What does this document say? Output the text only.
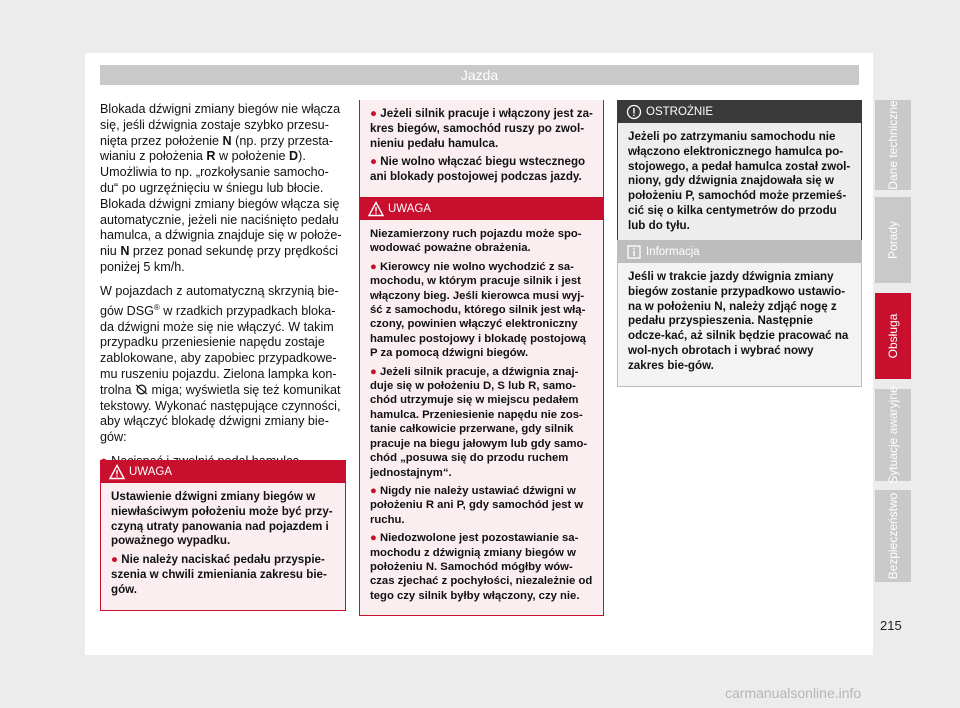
Jazda

Blokada dźwigni zmiany biegów nie włącza się, jeśli dźwignia zostaje szybko przesu-nięta przez położenie N (np. przy przesta-wianiu z położenia R w położenie D). Umożliwia to np. „rozkołysanie samocho-du“ po ugrzęźnięciu w śniegu lub błocie. Blokada dźwigni zmiany biegów włącza się automatycznie, jeżeli nie naciśnięto pedału hamulca, a dźwignia znajduje się w położe-niu N przez ponad sekundę przy prędkości poniżej 5 km/h.

W pojazdach z automatyczną skrzynią bie-gów DSG® w rzadkich przypadkach bloka-da dźwigni może się nie włączyć. W takim przypadku przeniesienie napędu zostaje zablokowane, aby zapobiec przypadkowe-mu ruszeniu pojazdu. Zielona lampka kon-trolna  miga; wyświetla się też komunikat tekstowy. Wykonać następujące czynności, aby włączyć blokadę dźwigni zmiany bie-gów:

UWAGA

Ustawienie dźwigni zmiany biegów w niewłaściwym położeniu może być przy-czyną utraty panowania nad pojazdem i poważnego wypadku.

● Nie należy naciskać pedału przyspie-szenia w chwili zmieniania zakresu bie-gów.

● Jeżeli silnik pracuje i włączony jest za-kres biegów, samochód ruszy po zwol-nieniu pedału hamulca.

● Nie wolno włączać biegu wstecznego ani blokady postojowej podczas jazdy.

UWAGA

Niezamierzony ruch pojazdu może spo-wodować poważne obrażenia.

● Kierowcy nie wolno wychodzić z sa-mochodu, w którym pracuje silnik i jest włączony bieg. Jeśli kierowca musi wyj-ść z samochodu, którego silnik jest włą-czony, powinien włączyć elektroniczny hamulec postojowy i blokadę postojową P za pomocą dźwigni biegów.

● Jeżeli silnik pracuje, a dźwignia znaj-duje się w położeniu D, S lub R, samo-chód utrzymuje się w miejscu pedałem hamulca. Przeniesienie napędu nie zos-tanie całkowicie przerwane, gdy silnik pracuje na biegu jałowym lub gdy samo-chód „posuwa się do przodu ruchem jednostajnym“.

● Nigdy nie należy ustawiać dźwigni w położeniu R ani P, gdy samochód jest w ruchu.

● Niedozwolone jest pozostawianie sa-mochodu z dźwignią zmiany biegów w położeniu N. Samochód mógłby wów-czas zjechać z pochyłości, niezależnie od tego czy silnik byłby włączony, czy nie.

OSTROŻNIE

Jeżeli po zatrzymaniu samochodu nie włączono elektronicznego hamulca po-stojowego, a pedał hamulca został zwol-niony, gdy dźwignia znajdowała się w położeniu P, samochód może przemieś-cić się o kilka centymetrów do przodu lub do tyłu.

Informacja

Jeśli w trakcie jazdy dźwignia zmiany biegów zostanie przypadkowo ustawio-na w położeniu N, należy zdjąć nogę z pedału przyspieszenia. Następnie odcze-kać, aż silnik będzie pracować na wol-nych obrotach i wybrać nowy zakres bie-gów.

Dane techniczne
Porady
Obsługa
Sytuacje awaryjne
Bezpieczeństwo
215
carmanualsonline.info
